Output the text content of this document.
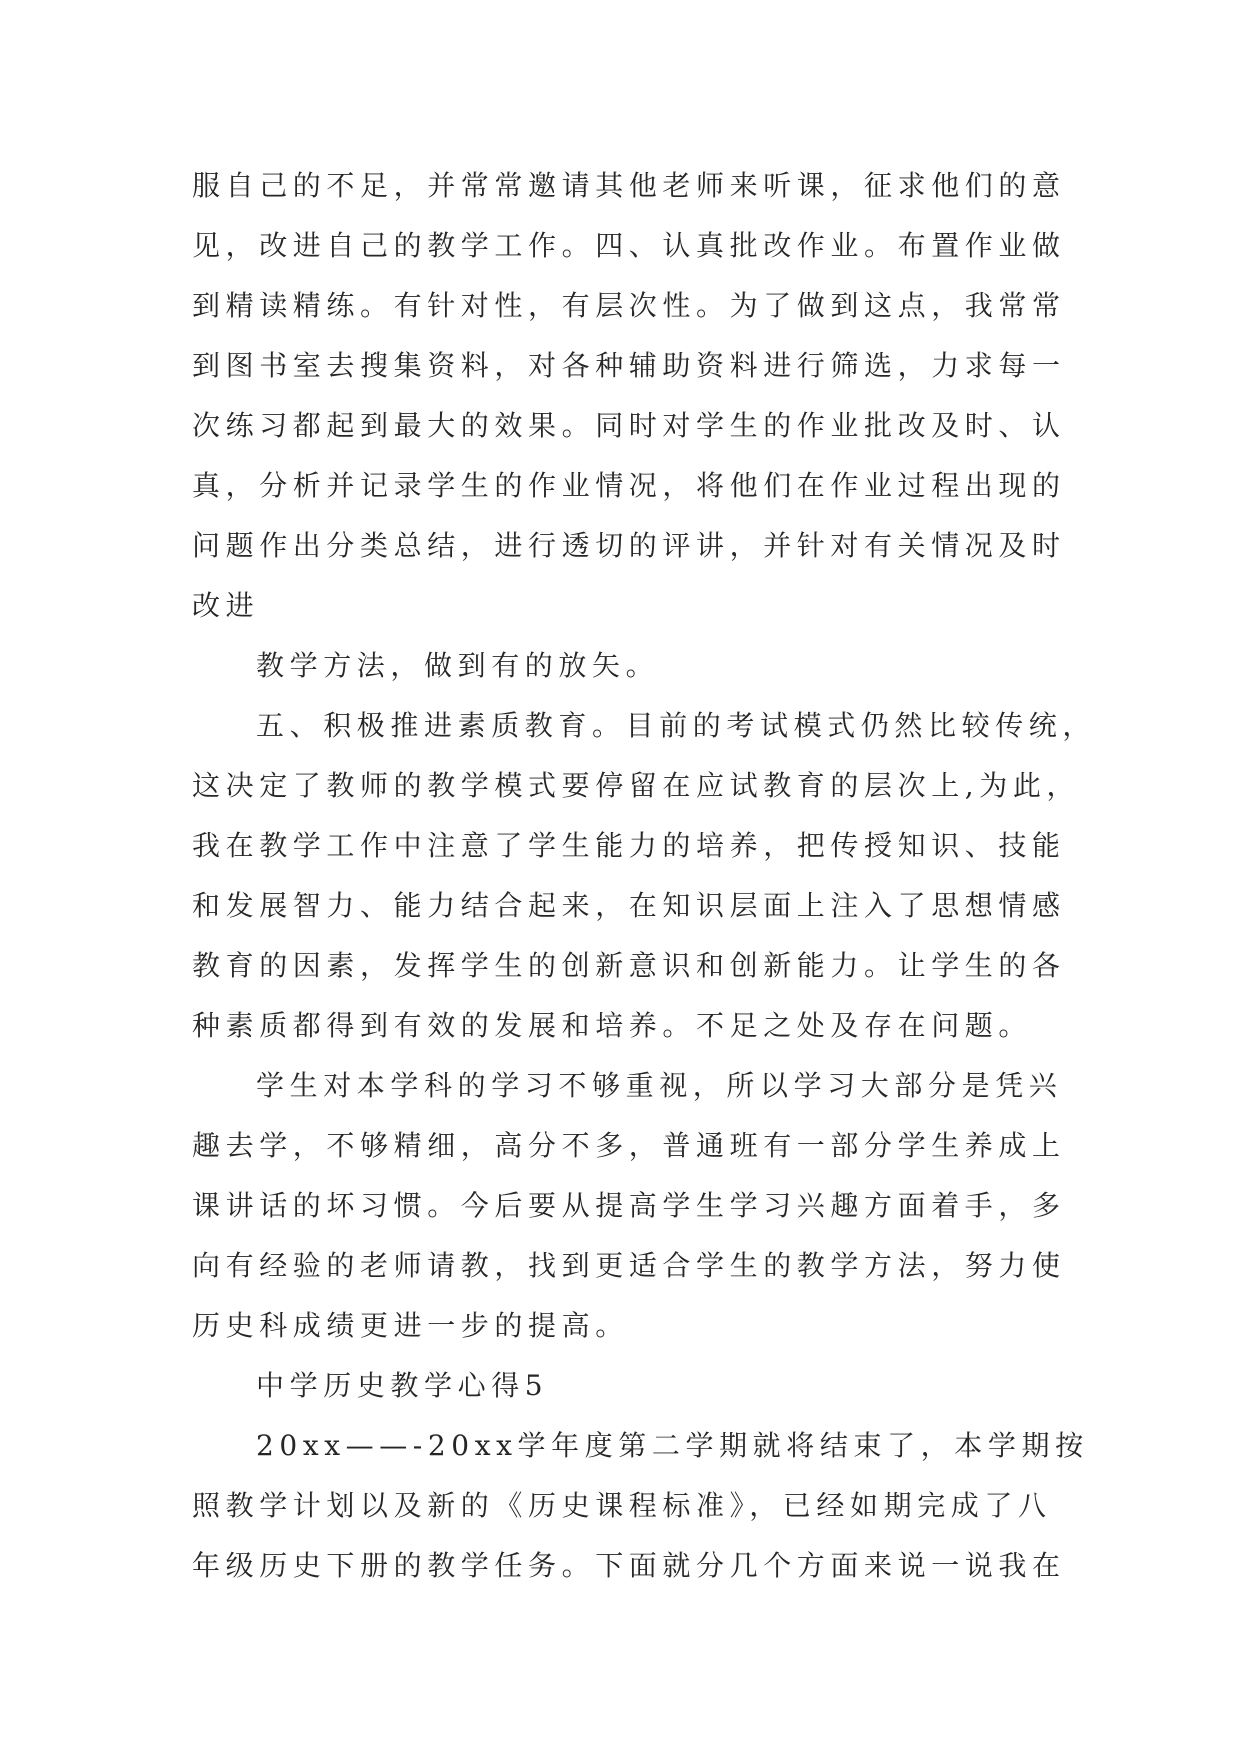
服自己的不足，并常常邀请其他老师来听课，征求他们的意
见，改进自己的教学工作。四、认真批改作业。布置作业做
到精读精练。有针对性，有层次性。为了做到这点，我常常
到图书室去搜集资料，对各种辅助资料进行筛选，力求每一
次练习都起到最大的效果。同时对学生的作业批改及时、认
真，分析并记录学生的作业情况，将他们在作业过程出现的
问题作出分类总结，进行透切的评讲，并针对有关情况及时
改进

教学方法，做到有的放矢。

五、积极推进素质教育。目前的考试模式仍然比较传统，
这决定了教师的教学模式要停留在应试教育的层次上,为此，
我在教学工作中注意了学生能力的培养，把传授知识、技能
和发展智力、能力结合起来，在知识层面上注入了思想情感
教育的因素，发挥学生的创新意识和创新能力。让学生的各
种素质都得到有效的发展和培养。不足之处及存在问题。

学生对本学科的学习不够重视，所以学习大部分是凭兴
趣去学，不够精细，高分不多，普通班有一部分学生养成上
课讲话的坏习惯。今后要从提高学生学习兴趣方面着手，多
向有经验的老师请教，找到更适合学生的教学方法，努力使
历史科成绩更进一步的提高。

中学历史教学心得5

20xx——-20xx学年度第二学期就将结束了，本学期按
照教学计划以及新的《历史课程标准》，已经如期完成了八
年级历史下册的教学任务。下面就分几个方面来说一说我在
